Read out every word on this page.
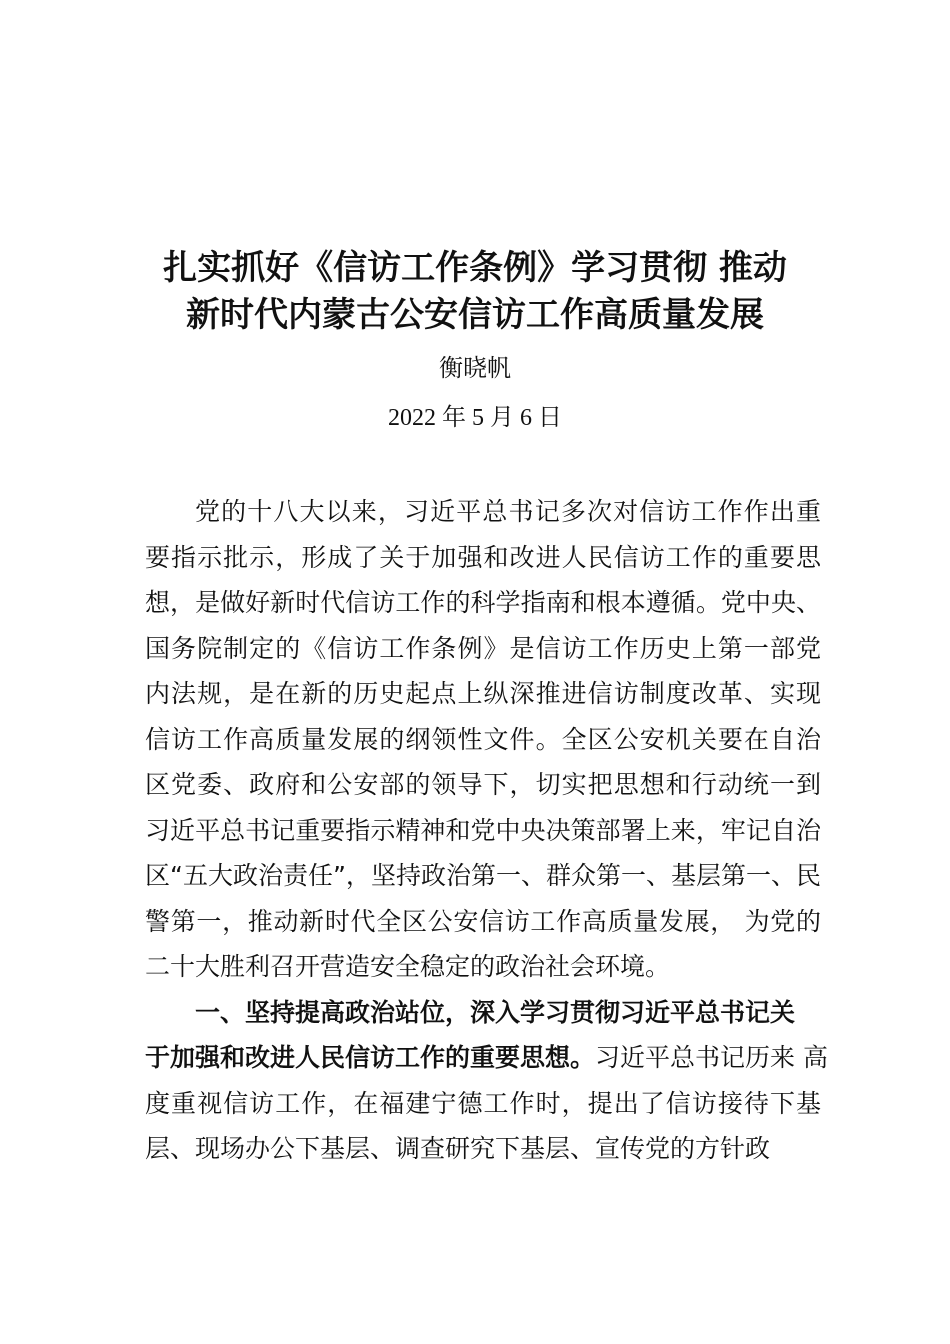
扎实抓好《信访工作条例》学习贯彻 推动
新时代内蒙古公安信访工作高质量发展
衡晓帆
2022 年 5 月 6 日
党的十八大以来，习近平总书记多次对信访工作作出重
要指示批示，形成了关于加强和改进人民信访工作的重要思
想，是做好新时代信访工作的科学指南和根本遵循。党中央、
国务院制定的《信访工作条例》是信访工作历史上第一部党
内法规，是在新的历史起点上纵深推进信访制度改革、实现
信访工作高质量发展的纲领性文件。全区公安机关要在自治
区党委、政府和公安部的领导下，切实把思想和行动统一到
习近平总书记重要指示精神和党中央决策部署上来，牢记自治
区“五大政治责任”，坚持政治第一、群众第一、基层第一、民
警第一，推动新时代全区公安信访工作高质量发展， 为党的
二十大胜利召开营造安全稳定的政治社会环境。
一、坚持提高政治站位，深入学习贯彻习近平总书记关
于加强和改进人民信访工作的重要思想。习近平总书记历来 高
度重视信访工作，在福建宁德工作时，提出了信访接待下基
层、现场办公下基层、调查研究下基层、宣传党的方针政
